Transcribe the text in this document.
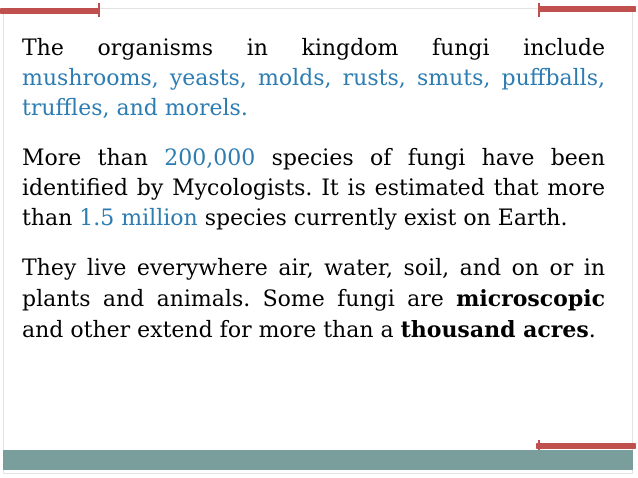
The organisms in kingdom fungi include mushrooms, yeasts, molds, rusts, smuts, puffballs, truffles, and morels.

More than 200,000 species of fungi have been identified by Mycologists. It is estimated that more than 1.5 million species currently exist on Earth.

They live everywhere air, water, soil, and on or in plants and animals. Some fungi are microscopic and other extend for more than a thousand acres.
